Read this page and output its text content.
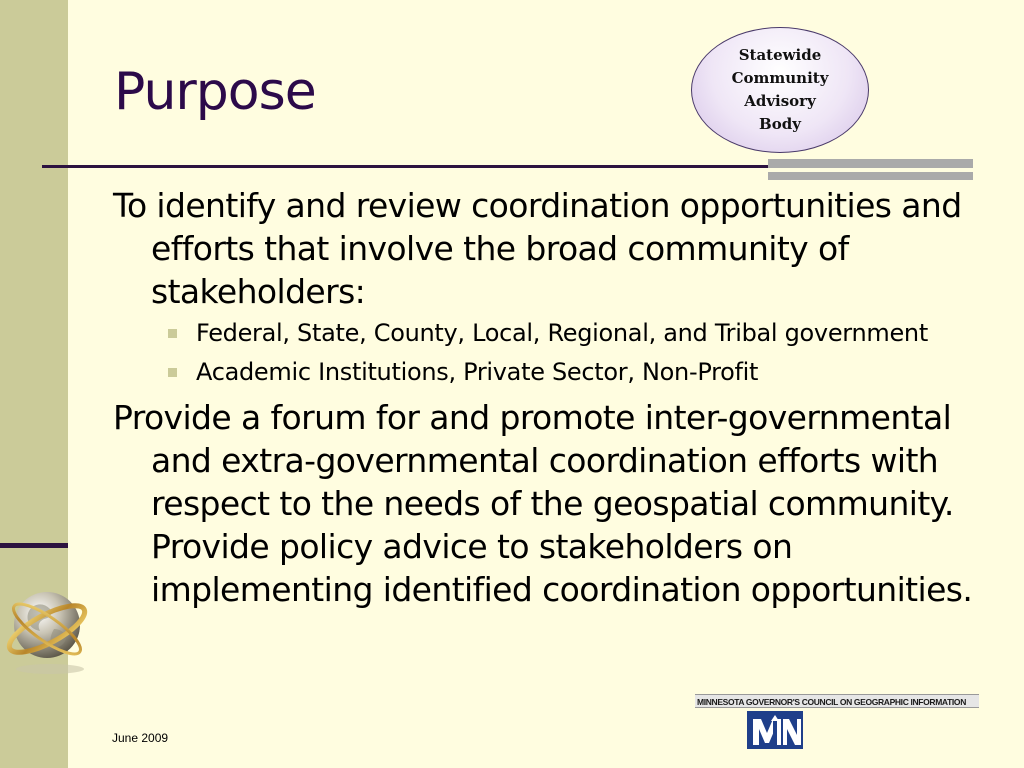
Purpose
Statewide
Community
Advisory
Body

To identify and review coordination opportunities and efforts that involve the broad community of stakeholders:

Federal, State, County, Local, Regional, and Tribal government
Academic Institutions, Private Sector, Non-Profit

Provide a forum for and promote inter-governmental and extra-governmental coordination efforts with respect to the needs of the geospatial community. Provide policy advice to stakeholders on implementing identified coordination opportunities.

June 2009
MINNESOTA GOVERNOR'S COUNCIL ON GEOGRAPHIC INFORMATION
